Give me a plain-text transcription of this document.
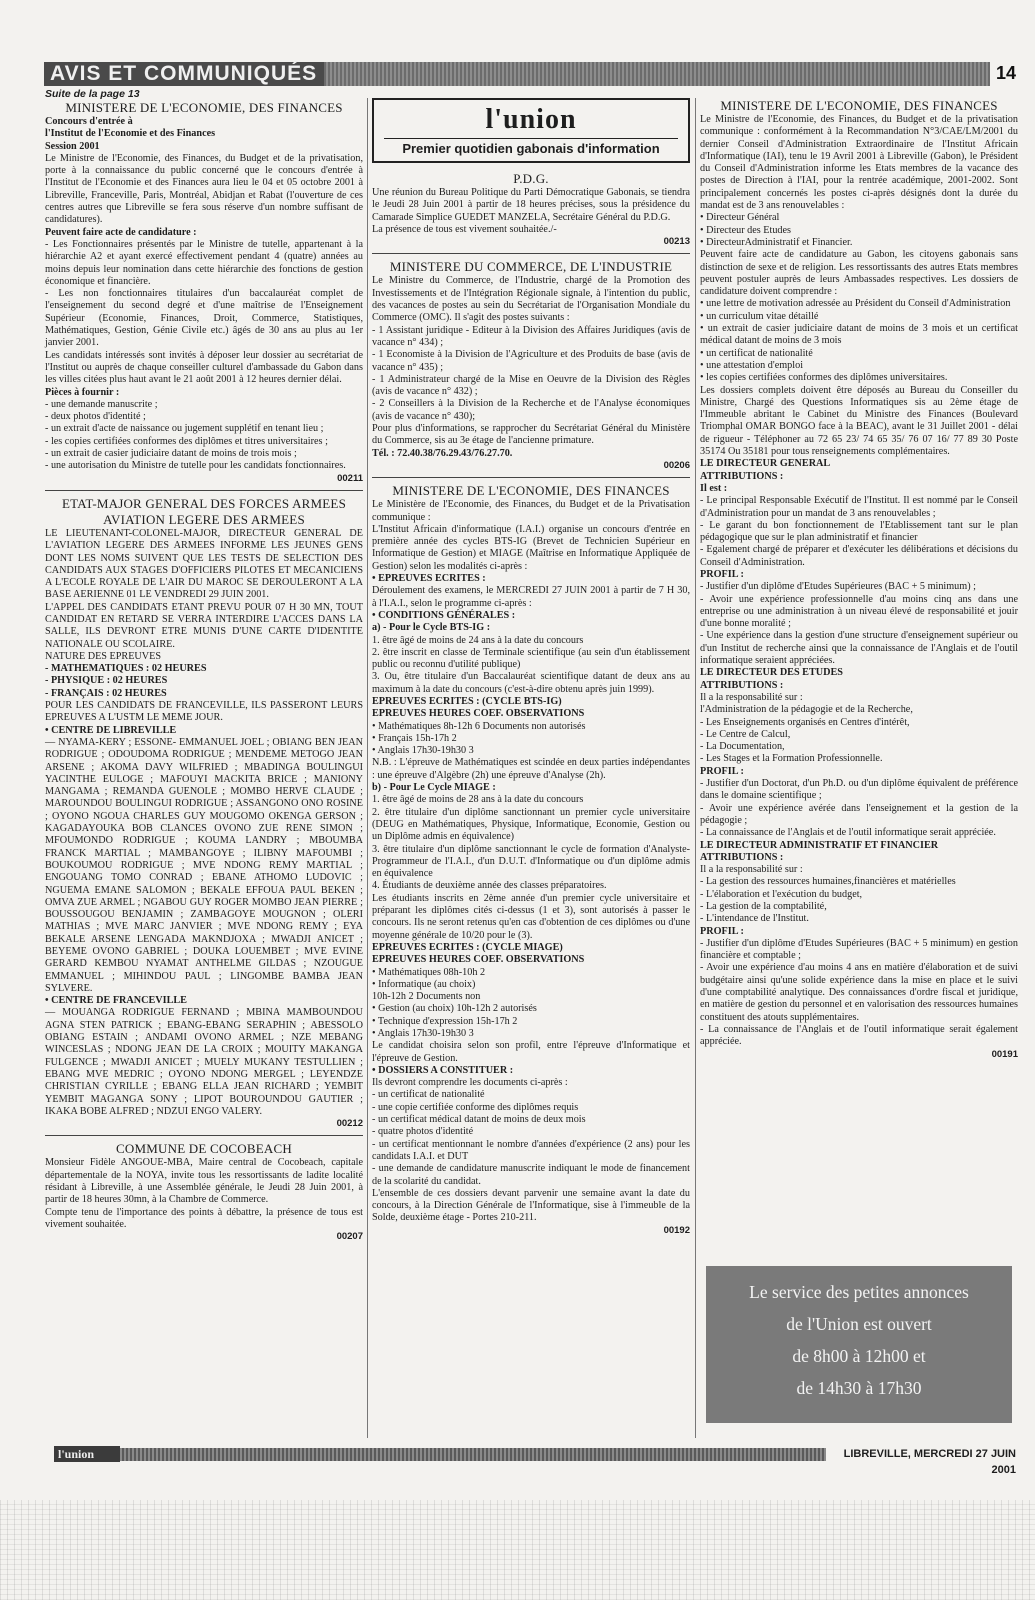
AVIS ET COMMUNIQUÉS	14

Suite de la page 13

MINISTERE DE L'ECONOMIE, DES FINANCES

Concours d'entrée à

l'Institut de l'Economie et des Finances

Session 2001

Le Ministre de l'Economie, des Finances, du Budget et de la privatisation, porte à la connaissance du public concerné que le concours d'entrée à l'Institut de l'Economie et des Finances aura lieu le 04 et 05 octobre 2001 à Libreville, Franceville, Paris, Montréal, Abidjan et Rabat (l'ouverture de ces centres autres que Libreville se fera sous réserve d'un nombre suffisant de candidatures).

Peuvent faire acte de candidature :

- Les Fonctionnaires présentés par le Ministre de tutelle, appartenant à la hiérarchie A2 et ayant exercé effectivement pendant 4 (quatre) années au moins depuis leur nomination dans cette hiérarchie des fonctions de gestion économique et financière.

- Les non fonctionnaires titulaires d'un baccalauréat complet de l'enseignement du second degré et d'une maîtrise de l'Enseignement Supérieur (Economie, Finances, Droit, Commerce, Statistiques, Mathématiques, Gestion, Génie Civile etc.) âgés de 30 ans au plus au 1er janvier 2001.

Les candidats intéressés sont invités à déposer leur dossier au secrétariat de l'Institut ou auprès de chaque conseiller culturel d'ambassade du Gabon dans les villes citées plus haut avant le 21 août 2001 à 12 heures dernier délai.

Pièces à fournir :

- une demande manuscrite ;

- deux photos d'identité ;

- un extrait d'acte de naissance ou jugement supplétif en tenant lieu ;

- les copies certifiées conformes des diplômes et titres universitaires ;

- un extrait de casier judiciaire datant de moins de trois mois ;

- une autorisation du Ministre de tutelle pour les candidats fonctionnaires.

00211

ETAT-MAJOR GENERAL DES FORCES ARMEES

AVIATION LEGERE DES ARMEES

LE LIEUTENANT-COLONEL-MAJOR, DIRECTEUR GENERAL DE L'AVIATION LEGERE DES ARMEES INFORME LES JEUNES GENS DONT LES NOMS SUIVENT QUE LES TESTS DE SELECTION DES CANDIDATS AUX STAGES D'OFFICIERS PILOTES ET MECANICIENS A L'ECOLE ROYALE DE L'AIR DU MAROC SE DEROULERONT A LA BASE AERIENNE 01 LE VENDREDI 29 JUIN 2001.

L'APPEL DES CANDIDATS ETANT PREVU POUR 07 H 30 MN, TOUT CANDIDAT EN RETARD SE VERRA INTERDIRE L'ACCES DANS LA SALLE, ILS DEVRONT ETRE MUNIS D'UNE CARTE D'IDENTITE NATIONALE OU SCOLAIRE.

NATURE DES EPREUVES

- MATHEMATIQUES : 02 HEURES

- PHYSIQUE : 02 HEURES

- FRANÇAIS : 02 HEURES

POUR LES CANDIDATS DE FRANCEVILLE, ILS PASSERONT LEURS EPREUVES A L'USTM LE MEME JOUR.

• CENTRE DE LIBREVILLE

— NYAMA-KERY ; ESSONE- EMMANUEL JOEL ; OBIANG BEN JEAN RODRIGUE ; ODOUDOMA RODRIGUE ; MENDEME METOGO JEAN ARSENE ; AKOMA DAVY WILFRIED ; MBADINGA BOULINGUI YACINTHE EULOGE ; MAFOUYI MACKITA BRICE ; MANIONY MANGAMA ; REMANDA GUENOLE ; MOMBO HERVE CLAUDE ; MAROUNDOU BOULINGUI RODRIGUE ; ASSANGONO ONO ROSINE ; OYONO NGOUA CHARLES GUY MOUGOMO OKENGA GERSON ; KAGADAYOUKA BOB CLANCES OVONO ZUE RENE SIMON ; MFOUMONDO RODRIGUE ; KOUMA LANDRY ; MBOUMBA FRANCK MARTIAL ; MAMBANGOYE ; ILIBNY MAFOUMBI ; BOUKOUMOU RODRIGUE ; MVE NDONG REMY MARTIAL ; ENGOUANG TOMO CONRAD ; EBANE ATHOMO LUDOVIC ; NGUEMA EMANE SALOMON ; BEKALE EFFOUA PAUL BEKEN ; OMVA ZUE ARMEL ; NGABOU GUY ROGER MOMBO JEAN PIERRE ; BOUSSOUGOU BENJAMIN ; ZAMBAGOYE MOUGNON ; OLERI MATHIAS ; MVE MARC JANVIER ; MVE NDONG REMY ; EYA BEKALE ARSENE LENGADA MAKNDJOXA ; MWADJI ANICET ; BEYEME OVONO GABRIEL ; DOUKA LOUEMBET ; MVE EVINE GERARD KEMBOU NYAMAT ANTHELME GILDAS ; NZOUGUE EMMANUEL ; MIHINDOU PAUL ; LINGOMBE BAMBA JEAN SYLVERE.

• CENTRE DE FRANCEVILLE

— MOUANGA RODRIGUE FERNAND ; MBINA MAMBOUNDOU AGNA STEN PATRICK ; EBANG-EBANG SERAPHIN ; ABESSOLO OBIANG ESTAIN ; ANDAMI OVONO ARMEL ; NZE MEBANG WINCESLAS ; NDONG JEAN DE LA CROIX ; MOUITY MAKANGA FULGENCE ; MWADJI ANICET ; MUELY MUKANY TESTULLIEN ; EBANG MVE MEDRIC ; OYONO NDONG MERGEL ; LEYENDZE CHRISTIAN CYRILLE ; EBANG ELLA JEAN RICHARD ; YEMBIT YEMBIT MAGANGA SONY ; LIPOT BOUROUNDOU GAUTIER ; IKAKA BOBE ALFRED ; NDZUI ENGO VALERY.

00212

COMMUNE DE COCOBEACH

Monsieur Fidèle ANGOUE-MBA, Maire central de Cocobeach, capitale départementale de la NOYA, invite tous les ressortissants de ladite localité résidant à Libreville, à une Assemblée générale, le Jeudi 28 Juin 2001, à partir de 18 heures 30mn, à la Chambre de Commerce.

Compte tenu de l'importance des points à débattre, la présence de tous est vivement souhaitée.

00207

l'union
Premier quotidien gabonais d'information

P.D.G.

Une réunion du Bureau Politique du Parti Démocratique Gabonais, se tiendra le Jeudi 28 Juin 2001 à partir de 18 heures précises, sous la présidence du Camarade Simplice GUEDET MANZELA, Secrétaire Général du P.D.G.

La présence de tous est vivement souhaitée./-

00213

MINISTERE DU COMMERCE, DE L'INDUSTRIE

Le Ministre du Commerce, de l'Industrie, chargé de la Promotion des Investissements et de l'Intégration Régionale signale, à l'intention du public, des vacances de postes au sein du Secrétariat de l'Organisation Mondiale du Commerce (OMC). Il s'agit des postes suivants :

- 1 Assistant juridique - Editeur à la Division des Affaires Juridiques (avis de vacance n° 434) ;

- 1 Economiste à la Division de l'Agriculture et des Produits de base (avis de vacance n° 435) ;

- 1 Administrateur chargé de la Mise en Oeuvre de la Division des Règles (avis de vacance n° 432) ;

- 2 Conseillers à la Division de la Recherche et de l'Analyse économiques (avis de vacance n° 430);

Pour plus d'informations, se rapprocher du Secrétariat Général du Ministère du Commerce, sis au 3e étage de l'ancienne primature.

Tél. : 72.40.38/76.29.43/76.27.70.

00206

MINISTERE DE L'ECONOMIE, DES FINANCES

Le Ministère de l'Economie, des Finances, du Budget et de la Privatisation communique :

L'Institut Africain d'informatique (I.A.I.) organise un concours d'entrée en première année des cycles BTS-IG (Brevet de Technicien Supérieur en Informatique de Gestion) et MIAGE (Maîtrise en Informatique Appliquée de Gestion) selon les modalités ci-après :

• EPREUVES ECRITES :

Déroulement des examens, le MERCREDI 27 JUIN 2001 à partir de 7 H 30, à l'I.A.I., selon le programme ci-après :

• CONDITIONS GÉNÉRALES :

a) - Pour le Cycle BTS-IG :

1. être âgé de moins de 24 ans à la date du concours

2. être inscrit en classe de Terminale scientifique (au sein d'un établissement public ou reconnu d'utilité publique)

3. Ou, être titulaire d'un Baccalauréat scientifique datant de deux ans au maximum à la date du concours (c'est-à-dire obtenu après juin 1999).

EPREUVES ECRITES : (CYCLE BTS-IG)

EPREUVES HEURES COEF. OBSERVATIONS

• Mathématiques 8h-12h 6 Documents non autorisés

• Français 15h-17h 2

• Anglais 17h30-19h30 3

N.B. : L'épreuve de Mathématiques est scindée en deux parties indépendantes : une épreuve d'Algèbre (2h) une épreuve d'Analyse (2h).

b) - Pour Le Cycle MIAGE :

1. être âgé de moins de 28 ans à la date du concours

2. être titulaire d'un diplôme sanctionnant un premier cycle universitaire (DEUG en Mathématiques, Physique, Informatique, Economie, Gestion ou un Diplôme admis en équivalence)

3. être titulaire d'un diplôme sanctionnant le cycle de formation d'Analyste-Programmeur de l'I.A.I., d'un D.U.T. d'Informatique ou d'un diplôme admis en équivalence

4. Étudiants de deuxième année des classes préparatoires.

Les étudiants inscrits en 2ème année d'un premier cycle universitaire et préparant les diplômes cités ci-dessus (1 et 3), sont autorisés à passer le concours. Ils ne seront retenus qu'en cas d'obtention de ces diplômes ou d'une moyenne générale de 10/20 pour le (3).

EPREUVES ECRITES : (CYCLE MIAGE)

EPREUVES HEURES COEF. OBSERVATIONS

• Mathématiques 08h-10h 2

• Informatique (au choix)

10h-12h 2 Documents non

• Gestion (au choix) 10h-12h 2 autorisés

• Technique d'expression 15h-17h 2

• Anglais 17h30-19h30 3

Le candidat choisira selon son profil, entre l'épreuve d'Informatique et l'épreuve de Gestion.

• DOSSIERS A CONSTITUER :

Ils devront comprendre les documents ci-après :

- un certificat de nationalité

- une copie certifiée conforme des diplômes requis

- un certificat médical datant de moins de deux mois

- quatre photos d'identité

- un certificat mentionnant le nombre d'années d'expérience (2 ans) pour les candidats I.A.I. et DUT

- une demande de candidature manuscrite indiquant le mode de financement de la scolarité du candidat.

L'ensemble de ces dossiers devant parvenir une semaine avant la date du concours, à la Direction Générale de l'Informatique, sise à l'immeuble de la Solde, deuxième étage - Portes 210-211.

00192

MINISTERE DE L'ECONOMIE, DES FINANCES

Le Ministre de l'Economie, des Finances, du Budget et de la privatisation communique : conformément à la Recommandation N°3/CAE/LM/2001 du dernier Conseil d'Administration Extraordinaire de l'Institut Africain d'Informatique (IAI), tenu le 19 Avril 2001 à Libreville (Gabon), le Président du Conseil d'Administration informe les Etats membres de la vacance des postes de Direction à l'IAI, pour la rentrée académique, 2001-2002. Sont principalement concernés les postes ci-après désignés dont la durée du mandat est de 3 ans renouvelables :

• Directeur Général

• Directeur des Etudes

• DirecteurAdministratif et Financier.

Peuvent faire acte de candidature au Gabon, les citoyens gabonais sans distinction de sexe et de religion. Les ressortissants des autres Etats membres peuvent postuler auprès de leurs Ambassades respectives. Les dossiers de candidature doivent comprendre :

• une lettre de motivation adressée au Président du Conseil d'Administration

• un curriculum vitae détaillé

• un extrait de casier judiciaire datant de moins de 3 mois et un certificat médical datant de moins de 3 mois

• un certificat de nationalité

• une attestation d'emploi

• les copies certifiées conformes des diplômes universitaires.

Les dossiers complets doivent être déposés au Bureau du Conseiller du Ministre, Chargé des Questions Informatiques sis au 2ème étage de l'Immeuble abritant le Cabinet du Ministre des Finances (Boulevard Triomphal OMAR BONGO face à la BEAC), avant le 31 Juillet 2001 - délai de rigueur - Téléphoner au 72 65 23/ 74 65 35/ 76 07 16/ 77 89 30 Poste 35174 Ou 35181 pour tous renseignements complémentaires.

LE DIRECTEUR GENERAL

ATTRIBUTIONS :

Il est :

- Le principal Responsable Exécutif de l'Institut. Il est nommé par le Conseil d'Administration pour un mandat de 3 ans renouvelables ;

- Le garant du bon fonctionnement de l'Etablissement tant sur le plan pédagogique que sur le plan administratif et financier

- Egalement chargé de préparer et d'exécuter les délibérations et décisions du Conseil d'Administration.

PROFIL :

- Justifier d'un diplôme d'Etudes Supérieures (BAC + 5 minimum) ;

- Avoir une expérience professionnelle d'au moins cinq ans dans une entreprise ou une administration à un niveau élevé de responsabilité et jouir d'une bonne moralité ;

- Une expérience dans la gestion d'une structure d'enseignement supérieur ou d'un Institut de recherche ainsi que la connaissance de l'Anglais et de l'outil informatique seraient appréciées.

LE DIRECTEUR DES ETUDES

ATTRIBUTIONS :

Il a la responsabilité sur :

l'Administration de la pédagogie et de la Recherche,

- Les Enseignements organisés en Centres d'intérêt,

- Le Centre de Calcul,

- La Documentation,

- Les Stages et la Formation Professionnelle.

PROFIL :

- Justifier d'un Doctorat, d'un Ph.D. ou d'un diplôme équivalent de préférence dans le domaine scientifique ;

- Avoir une expérience avérée dans l'enseignement et la gestion de la pédagogie ;

- La connaissance de l'Anglais et de l'outil informatique serait appréciée.

LE DIRECTEUR ADMINISTRATIF ET FINANCIER

ATTRIBUTIONS :

Il a la responsabilité sur :

- La gestion des ressources humaines,financières et matérielles

- L'élaboration et l'exécution du budget,

- La gestion de la comptabilité,

- L'intendance de l'Institut.

PROFIL :

- Justifier d'un diplôme d'Etudes Supérieures (BAC + 5 minimum) en gestion financière et comptable ;

- Avoir une expérience d'au moins 4 ans en matière d'élaboration et de suivi budgétaire ainsi qu'une solide expérience dans la mise en place et le suivi d'une comptabilité analytique. Des connaissances d'ordre fiscal et juridique, en matière de gestion du personnel et en valorisation des ressources humaines constituent des atouts supplémentaires.

- La connaissance de l'Anglais et de l'outil informatique serait également appréciée.

00191

Le service des petites annonces
de l'Union est ouvert
de 8h00 à 12h00 et
de 14h30 à 17h30
l'union	LIBREVILLE, MERCREDI 27 JUIN 2001
